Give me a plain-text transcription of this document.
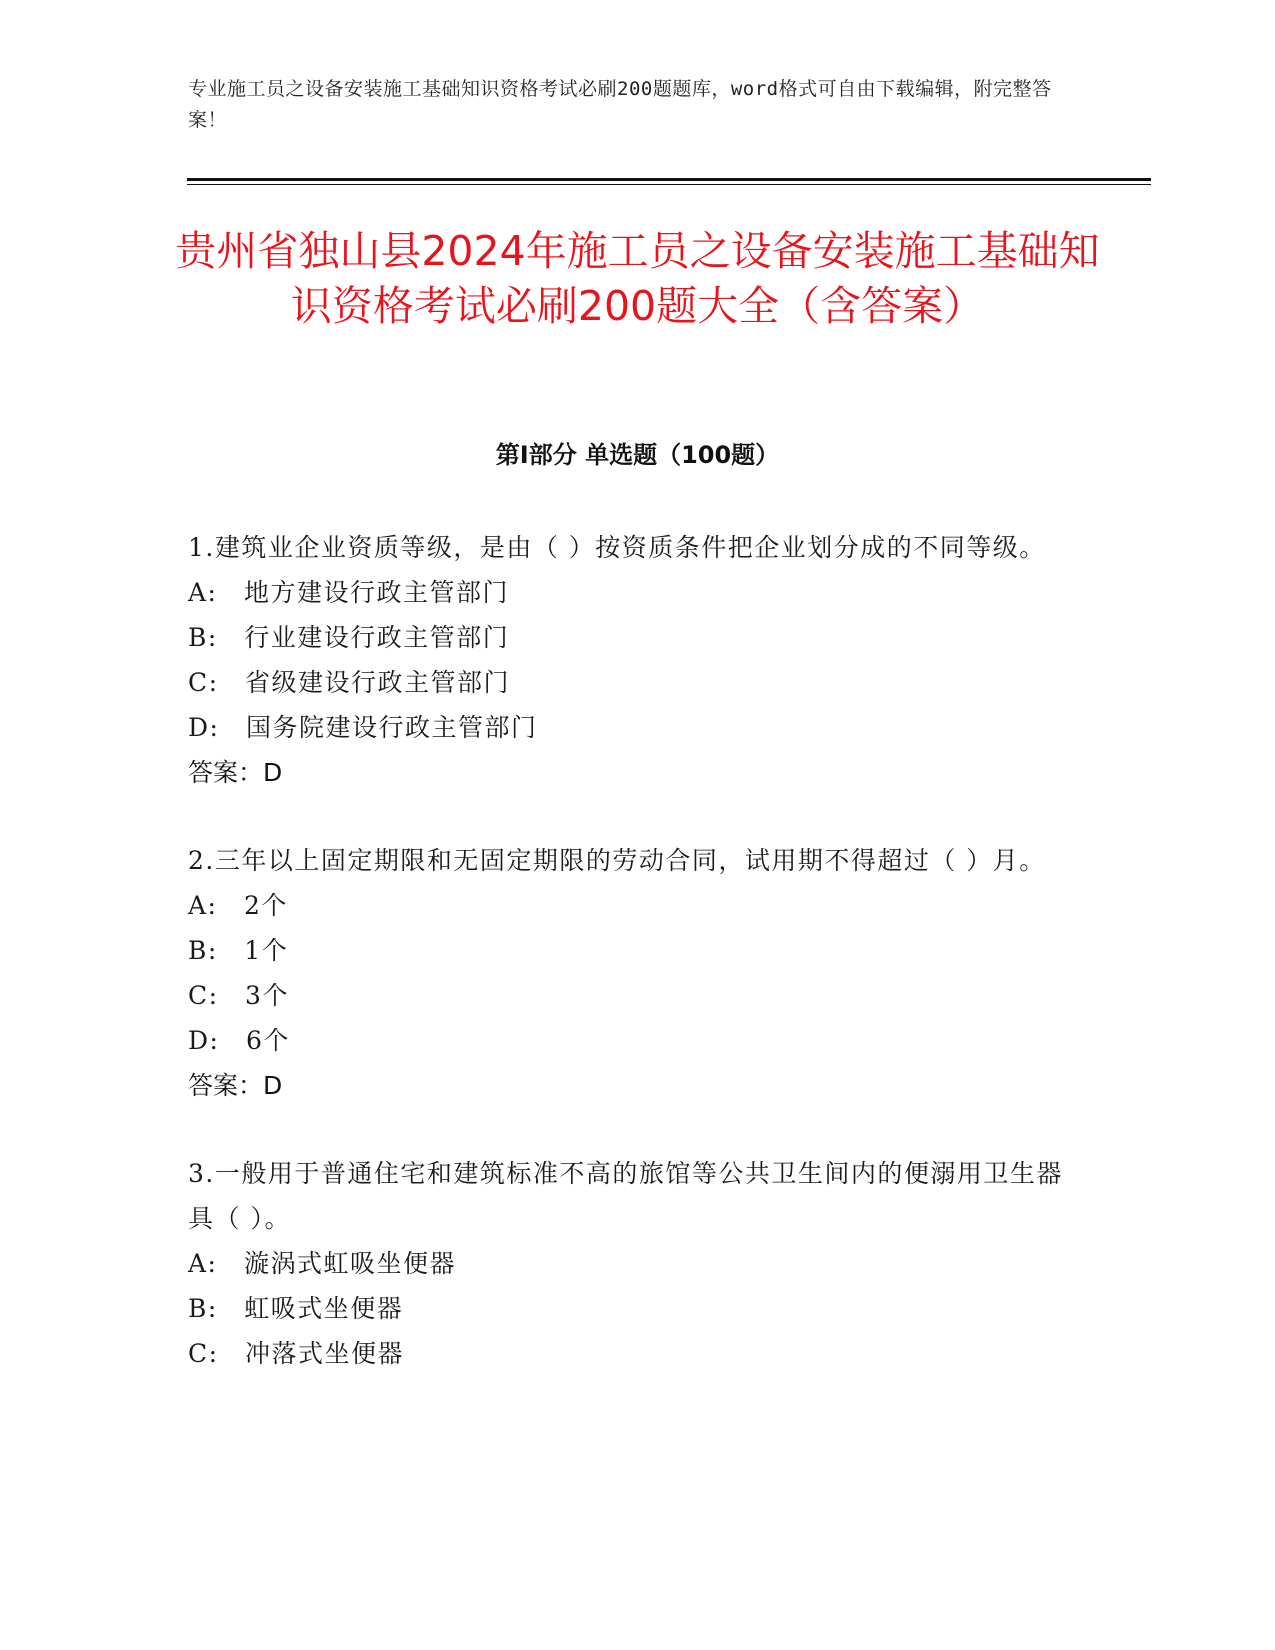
专业施工员之设备安装施工基础知识资格考试必刷200题题库，word格式可自由下载编辑，附完整答案！
贵州省独山县2024年施工员之设备安装施工基础知识资格考试必刷200题大全（含答案）
第Ⅰ部分 单选题（100题）

1.建筑业企业资质等级，是由（ ）按资质条件把企业划分成的不同等级。

A:　地方建设行政主管部门

B:　行业建设行政主管部门

C:　省级建设行政主管部门

D:　国务院建设行政主管部门

答案：D

2.三年以上固定期限和无固定期限的劳动合同，试用期不得超过（ ）月。

A:　2个

B:　1个

C:　3个

D:　6个

答案：D

3.一般用于普通住宅和建筑标准不高的旅馆等公共卫生间内的便溺用卫生器具（ ）。

A:　漩涡式虹吸坐便器

B:　虹吸式坐便器

C:　冲落式坐便器
